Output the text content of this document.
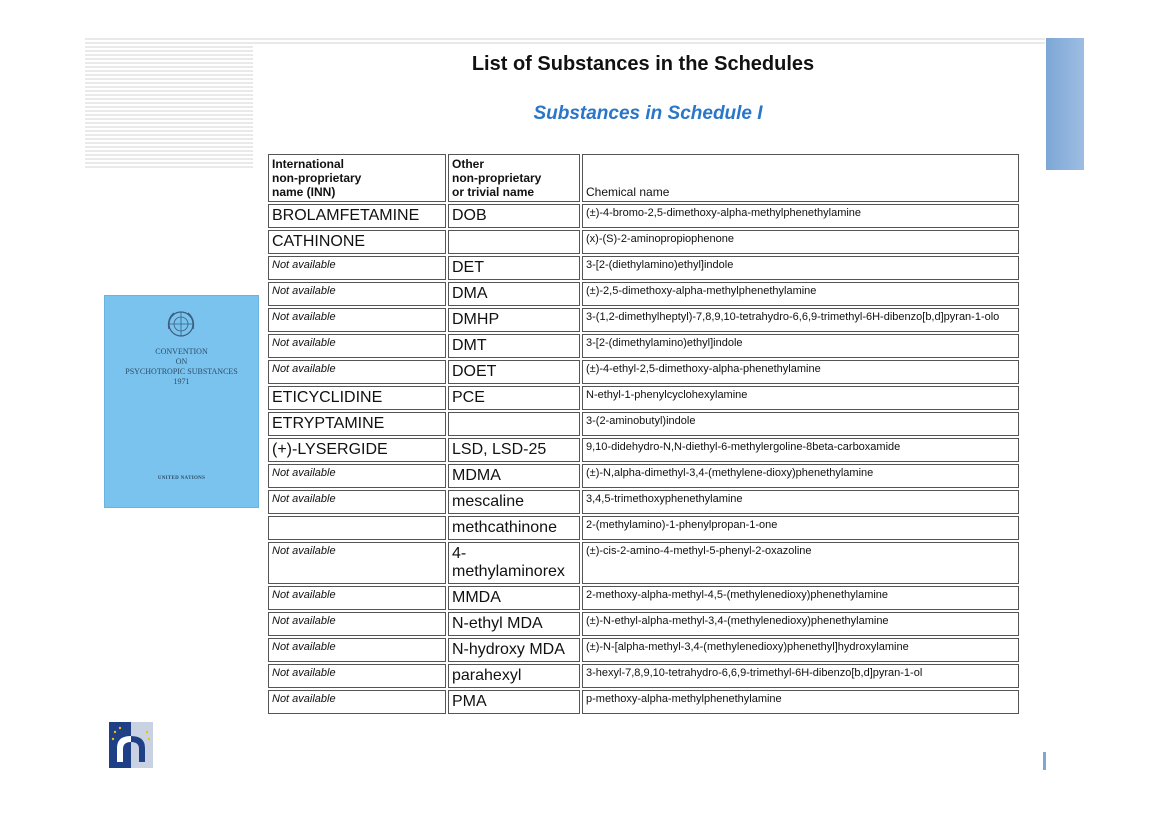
List of Substances in the Schedules
Substances in Schedule I
CONVENTION
ON
PSYCHOTROPIC SUBSTANCES
1971
UNITED NATIONS
International
non-proprietary
name (INN)	Other
non-proprietary
or trivial name	Chemical name
BROLAMFETAMINE	DOB	(±)-4-bromo-2,5-dimethoxy-alpha-methylphenethylamine
CATHINONE		(x)-(S)-2-aminopropiophenone
Not available	DET	3-[2-(diethylamino)ethyl]indole
Not available	DMA	(±)-2,5-dimethoxy-alpha-methylphenethylamine
Not available	DMHP	3-(1,2-dimethylheptyl)-7,8,9,10-tetrahydro-6,6,9-trimethyl-6H-dibenzo[b,d]pyran-1-olo
Not available	DMT	3-[2-(dimethylamino)ethyl]indole
Not available	DOET	(±)-4-ethyl-2,5-dimethoxy-alpha-phenethylamine
ETICYCLIDINE	PCE	N-ethyl-1-phenylcyclohexylamine
ETRYPTAMINE		3-(2-aminobutyl)indole
(+)-LYSERGIDE	LSD, LSD-25	9,10-didehydro-N,N-diethyl-6-methylergoline-8beta-carboxamide
Not available	MDMA	(±)-N,alpha-dimethyl-3,4-(methylene-dioxy)phenethylamine
Not available	mescaline	3,4,5-trimethoxyphenethylamine
	methcathinone	2-(methylamino)-1-phenylpropan-1-one
Not available	4-methylaminorex	(±)-cis-2-amino-4-methyl-5-phenyl-2-oxazoline
Not available	MMDA	2-methoxy-alpha-methyl-4,5-(methylenedioxy)phenethylamine
Not available	N-ethyl MDA	(±)-N-ethyl-alpha-methyl-3,4-(methylenedioxy)phenethylamine
Not available	N-hydroxy MDA	(±)-N-[alpha-methyl-3,4-(methylenedioxy)phenethyl]hydroxylamine
Not available	parahexyl	3-hexyl-7,8,9,10-tetrahydro-6,6,9-trimethyl-6H-dibenzo[b,d]pyran-1-ol
Not available	PMA	p-methoxy-alpha-methylphenethylamine
